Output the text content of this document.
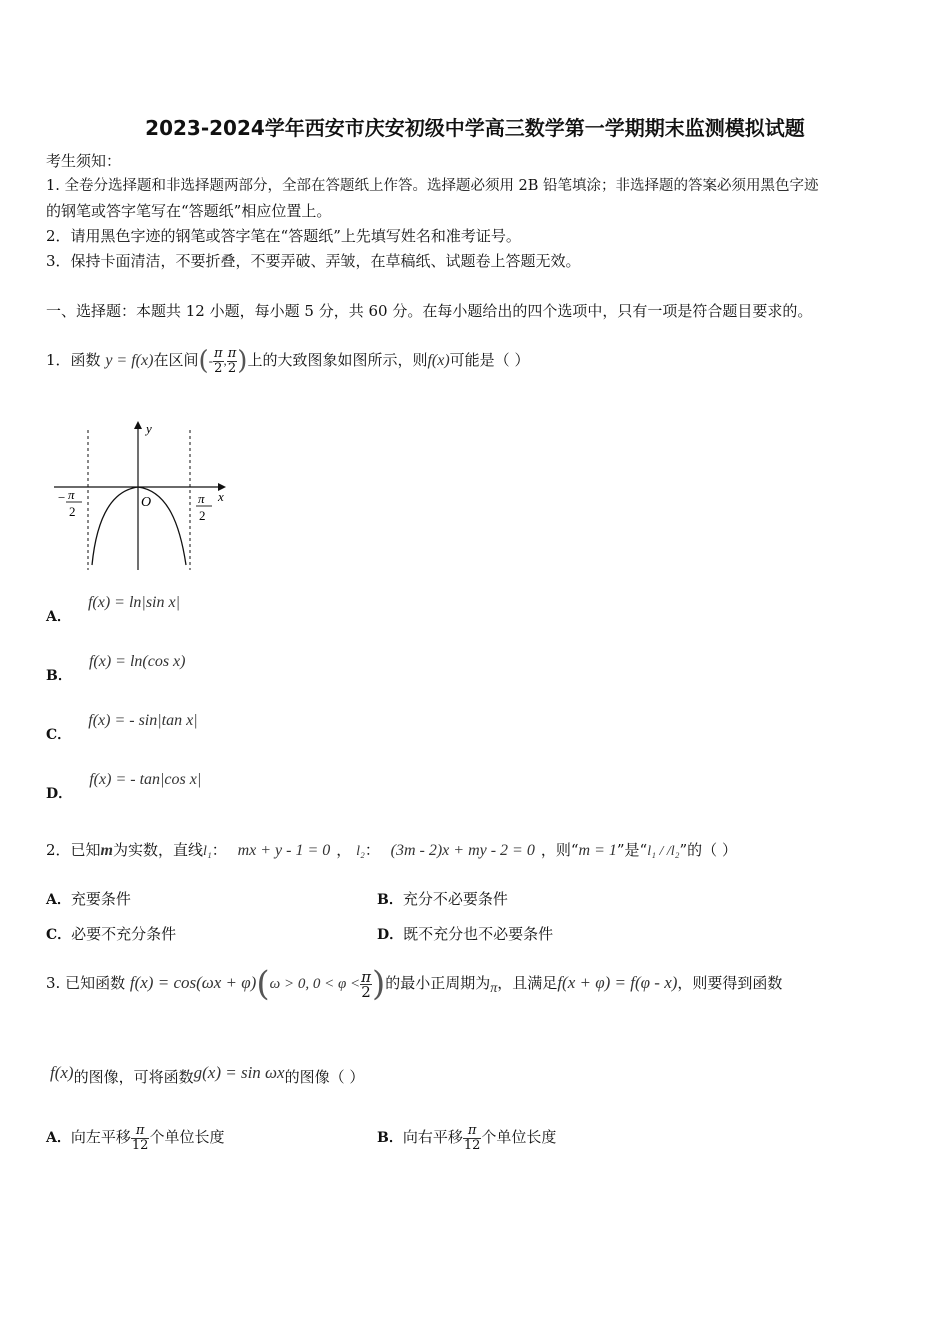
2023-2024学年西安市庆安初级中学高三数学第一学期期末监测模拟试题
考生须知：
1. 全卷分选择题和非选择题两部分，全部在答题纸上作答。选择题必须用 2B 铅笔填涂；非选择题的答案必须用黑色字迹
的钢笔或答字笔写在“答题纸”相应位置上。
2．请用黑色字迹的钢笔或答字笔在“答题纸”上先填写姓名和准考证号。
3．保持卡面清洁，不要折叠，不要弄破、弄皱，在草稿纸、试题卷上答题无效。
一、选择题：本题共 12 小题，每小题 5 分，共 60 分。在每小题给出的四个选项中，只有一项是符合题目要求的。
1．函数 y = f(x)在区间(- $\frac{\pi}{2}$ , $\frac{\pi}{2}$ )上的大致图象如图所示，则f(x)可能是（ ）
y
x
O
− π
2
π
2
A． f(x) = ln|sin x|
B． f(x) = ln(cos x)
C． f(x) = - sin|tan x|
D． f(x) = - tan|cos x|
2．已知m为实数，直线l₁： mx + y - 1 = 0 ， l₂： (3m - 2)x + my - 2 = 0 ，则“m = 1”是“l₁ / /l₂”的（ ）
A．充要条件	B．充分不必要条件
C．必要不充分条件	D．既不充分也不必要条件
3. 已知函数 f(x) = cos(ωx + φ)(ω > 0, $0 < \varphi < \frac{\pi}{2}$ )的最小正周期为π，且满足f(x + φ) = f(φ - x)，则要得到函数
f(x)的图像，可将函数g(x) = sin ωx的图像（ ）
A．向左平移 $\frac{\pi}{12}$ 个单位长度	B．向右平移 $\frac{\pi}{12}$ 个单位长度
